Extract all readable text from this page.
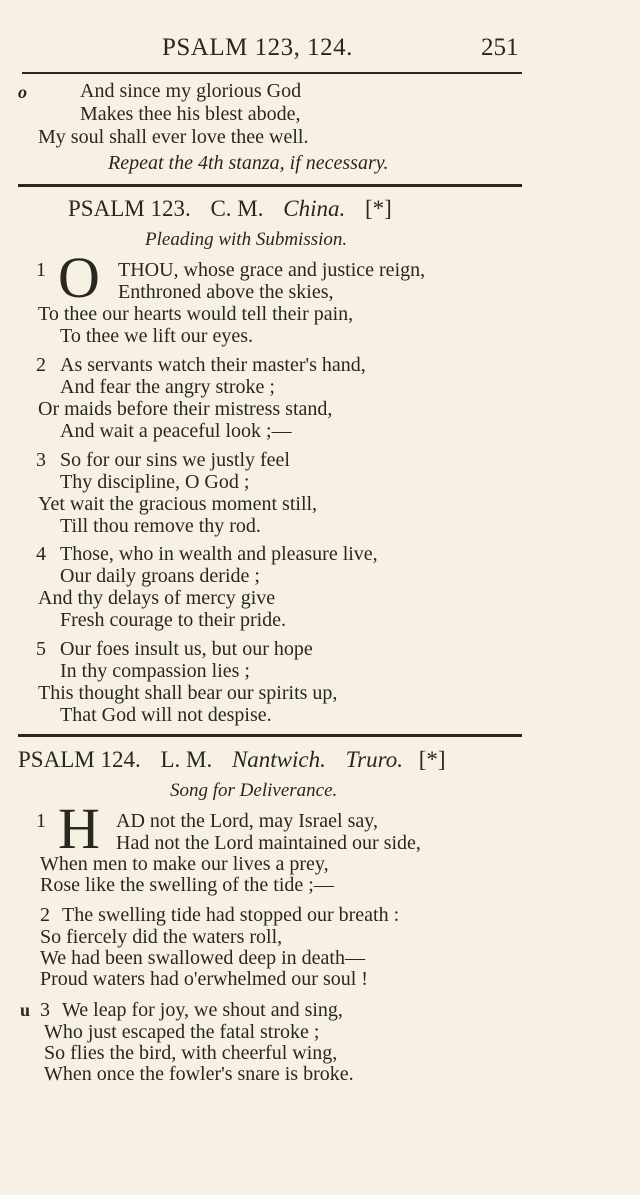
PSALM 123, 124.	251
o	And since my glorious God
Makes thee his blest abode,
My soul shall ever love thee well.
Repeat the 4th stanza, if necessary.
PSALM 123. C. M. China. [*]
Pleading with Submission.
1 O THOU, whose grace and justice reign,
Enthroned above the skies,
To thee our hearts would tell their pain,
To thee we lift our eyes.
2 As servants watch their master's hand,
And fear the angry stroke ;
Or maids before their mistress stand,
And wait a peaceful look ;—
3 So for our sins we justly feel
Thy discipline, O God ;
Yet wait the gracious moment still,
Till thou remove thy rod.
4 Those, who in wealth and pleasure live,
Our daily groans deride ;
And thy delays of mercy give
Fresh courage to their pride.
5 Our foes insult us, but our hope
In thy compassion lies ;
This thought shall bear our spirits up,
That God will not despise.
PSALM 124. L. M. Nantwich. Truro. [*]
Song for Deliverance.
1 H AD not the Lord, may Israel say,
Had not the Lord maintained our side,
When men to make our lives a prey,
Rose like the swelling of the tide ;—
2 The swelling tide had stopped our breath :
So fiercely did the waters roll,
We had been swallowed deep in death—
Proud waters had o'erwhelmed our soul !
u 3 We leap for joy, we shout and sing,
Who just escaped the fatal stroke ;
So flies the bird, with cheerful wing,
When once the fowler's snare is broke.
